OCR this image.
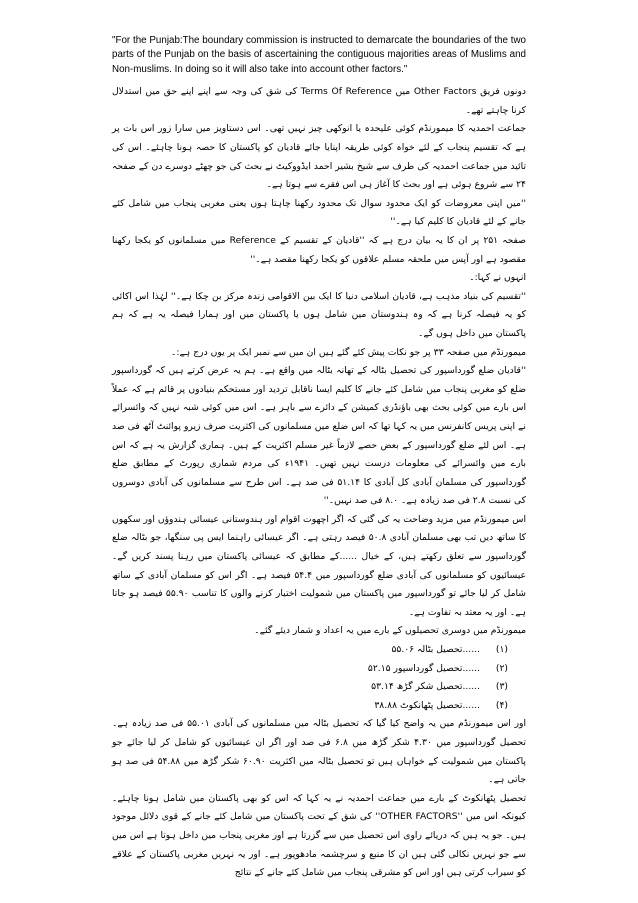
"For the Punjab:The boundary commission is instructed to demarcate the boundaries of the two parts of the Punjab on the basis of ascertaining the contiguous majorities areas of Muslims and Non-muslims. In doing so it will also take into account other factors."

دونوں فریق Other Factors میں Terms Of Reference کی شق کی وجہ سے اپنے اپنے حق میں استدلال کرنا چاہتے تھے۔

جماعت احمدیہ کا میمورنڈم کوئی علیحدہ یا انوکھی چیز نہیں تھی۔ اس دستاویز میں سارا زور اس بات پر ہے کہ تقسیم پنجاب کے لئے خواہ کوئی طریقہ اپنایا جائے قادیان کو پاکستان کا حصہ ہونا چاہئے۔ اس کی تائید میں جماعت احمدیہ کی طرف سے شیخ بشیر احمد ایڈووکیٹ نے بحث کی جو چھٹے دوسرے دن کے صفحہ ۲۴ سے شروع ہوئی ہے اور بحث کا آغاز ہی اس فقرے سے ہوتا ہے۔

''میں اپنی معروضات کو ایک محدود سوال تک محدود رکھنا چاہتا ہوں یعنی مغربی پنجاب میں شامل کئے جانے کے لئے قادیان کا کلیم کیا ہے۔''

صفحہ ۲۵۱ پر ان کا یہ بیان درج ہے کہ ''قادیان کے تقسیم کے Reference میں مسلمانوں کو یکجا رکھنا مقصود ہے اور آپس میں ملحقہ مسلم علاقوں کو یکجا رکھنا مقصد ہے۔''

انہوں نے کہا:۔

''تقسیم کی بنیاد مذہب ہے، قادیان اسلامی دنیا کا ایک بین الاقوامی زندہ مرکز بن چکا ہے۔'' لہٰذا اس اکائی کو یہ فیصلہ کرنا ہے کہ وہ ہندوستان میں شامل ہوں یا پاکستان میں اور ہمارا فیصلہ یہ ہے کہ ہم پاکستان میں داخل ہوں گے۔

میمورنڈم میں صفحہ ۳۳ پر جو نکات پیش کئے گئے ہیں ان میں سے نمبر ایک پر یوں درج ہے:۔

''قادیان ضلع گورداسپور کی تحصیل بٹالہ کے تھانہ بٹالہ میں واقع ہے۔ ہم یہ عرض کرتے ہیں کہ گورداسپور ضلع کو مغربی پنجاب میں شامل کئے جانے کا کلیم ایسا ناقابل تردید اور مستحکم بنیادوں پر قائم ہے کہ عملاً اس بارے میں کوئی بحث بھی باؤنڈری کمیشن کے دائرے سے باہر ہے۔ اس میں کوئی شبہ نہیں کہ وائسرائے نے اپنی پریس کانفرنس میں یہ کہا تھا کہ اس ضلع میں مسلمانوں کی اکثریت صرف زیرو پوائنٹ آٹھ فی صد ہے۔ اس لئے ضلع گورداسپور کے بعض حصے لازماً غیر مسلم اکثریت کے ہیں۔ ہماری گزارش یہ ہے کہ اس بارے میں وائسرائے کی معلومات درست نہیں تھیں۔ ۱۹۴۱ء کی مردم شماری رپورٹ کے مطابق ضلع گورداسپور کی مسلمان آبادی کل آبادی کا ۵۱.۱۴ فی صد ہے۔ اس طرح سے مسلمانوں کی آبادی دوسروں کی نسبت ۲.۸ فی صد زیادہ ہے۔ ۸.۰ فی صد نہیں۔''

اس میمورنڈم میں مزید وضاحت یہ کی گئی کہ اگر اچھوت اقوام اور ہندوستانی عیسائی ہندوؤں اور سکھوں کا ساتھ دیں تب بھی مسلمان آبادی ۵۰.۸ فیصد رہتی ہے۔ اگر عیسائی راہنما ایس پی سنگھا، جو بٹالہ ضلع گورداسپور سے تعلق رکھتے ہیں، کے خیال ......کے مطابق کہ عیسائی پاکستان میں رہنا پسند کریں گے۔ عیسائیوں کو مسلمانوں کی آبادی ضلع گورداسپور میں ۵۴.۴ فیصد ہے۔ اگر اس کو مسلمان آبادی کے ساتھ شامل کر لیا جائے تو گورداسپور میں پاکستان میں شمولیت اختیار کرنے والوں کا تناسب ۵۵.۹۰ فیصد ہو جاتا ہے۔ اور یہ معتد بہ تفاوت ہے۔

میمورنڈم میں دوسری تحصیلوں کے بارے میں یہ اعداد و شمار دیئے گئے۔

(۱)
......تحصیل بٹالہ ۵۵.۰۶
(۲)
......تحصیل گورداسپور ۵۲.۱۵
(۳)
......تحصیل شکر گڑھ ۵۳.۱۴
(۴)
......تحصیل پٹھانکوٹ ۳۸.۸۸

اور اس میمورنڈم میں یہ واضح کیا گیا کہ تحصیل بٹالہ میں مسلمانوں کی آبادی ۵۵.۰۱ فی صد زیادہ ہے۔ تحصیل گورداسپور میں ۴.۳۰ شکر گڑھ میں ۶.۸ فی صد اور اگر ان عیسائیوں کو شامل کر لیا جائے جو پاکستان میں شمولیت کے خواہاں ہیں تو تحصیل بٹالہ میں اکثریت ۶۰.۹۰ شکر گڑھ میں ۵۴.۸۸ فی صد ہو جاتی ہے۔

تحصیل پٹھانکوٹ کے بارے میں جماعت احمدیہ نے یہ کہا کہ اس کو بھی پاکستان میں شامل ہونا چاہئے۔ کیونکہ اس میں ''OTHER FACTORS'' کی شق کے تحت پاکستان میں شامل کئے جانے کے قوی دلائل موجود ہیں۔ جو یہ ہیں کہ دریائے راوی اس تحصیل میں سے گزرتا ہے اور مغربی پنجاب میں داخل ہوتا ہے اس میں سے جو نہریں نکالی گئی ہیں ان کا منبع و سرچشمہ مادھوپور ہے۔ اور یہ نہریں مغربی پاکستان کے علاقے کو سیراب کرتی ہیں اور اس کو مشرقی پنجاب میں شامل کئے جانے کے نتائج
